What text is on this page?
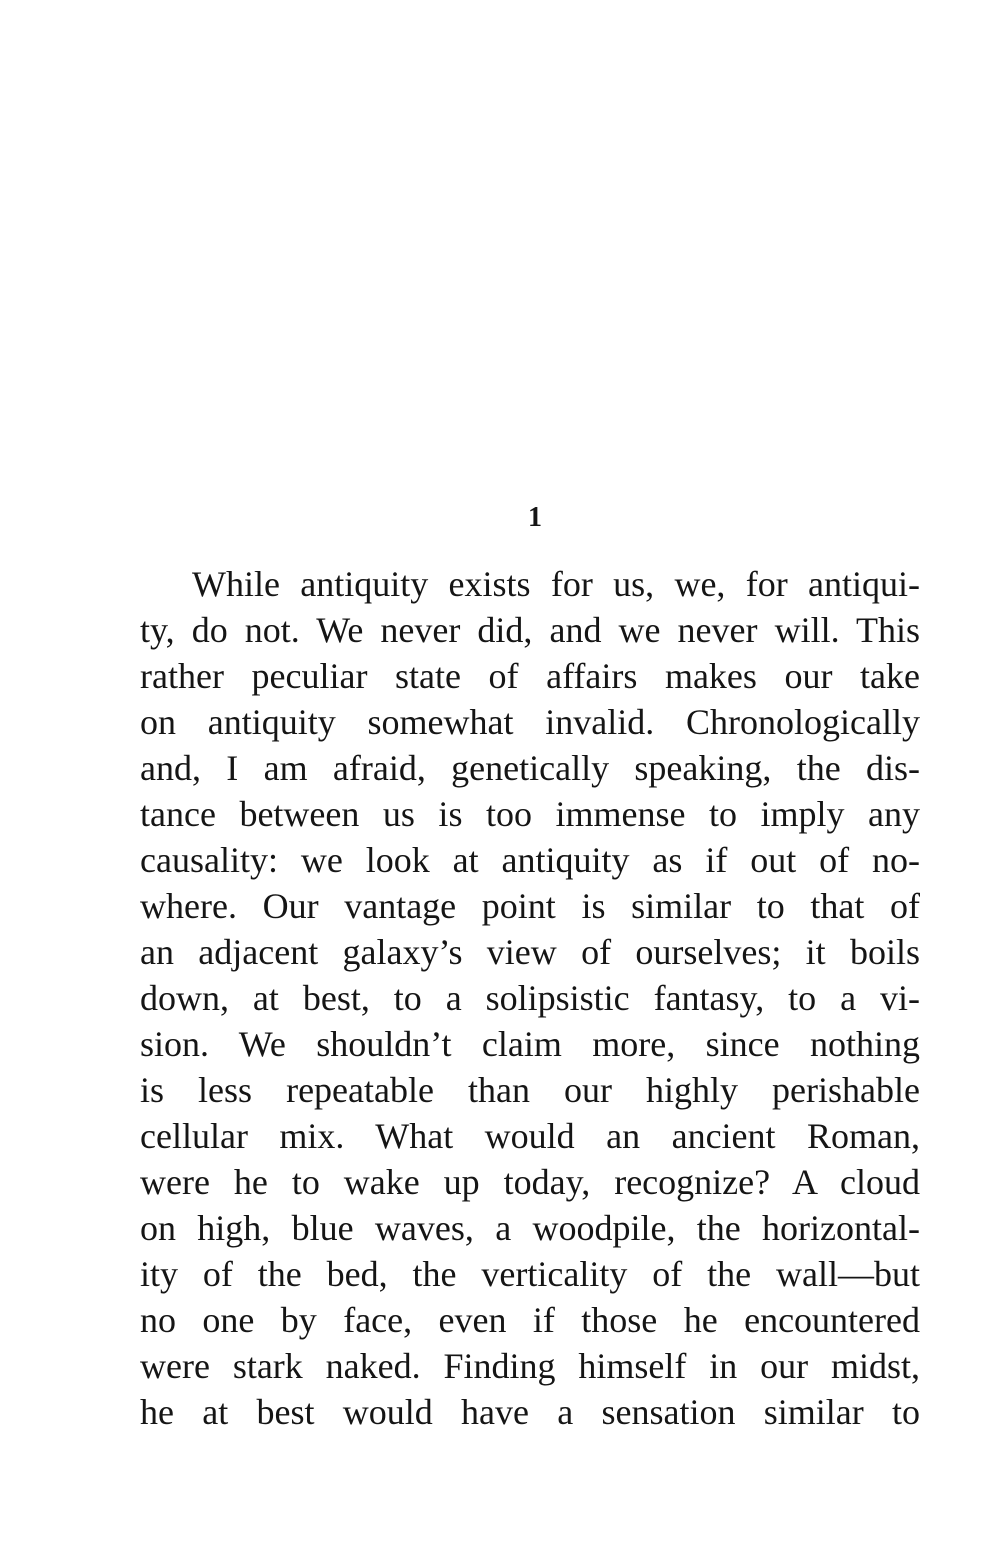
1
While antiquity exists for us, we, for antiqui-
ty, do not. We never did, and we never will. This
rather peculiar state of affairs makes our take
on antiquity somewhat invalid. Chronologically
and, I am afraid, genetically speaking, the dis-
tance between us is too immense to imply any
causality: we look at antiquity as if out of no-
where. Our vantage point is similar to that of
an adjacent galaxy’s view of ourselves; it boils
down, at best, to a solipsistic fantasy, to a vi-
sion. We shouldn’t claim more, since nothing
is less repeatable than our highly perishable
cellular mix. What would an ancient Roman,
were he to wake up today, recognize? A cloud
on high, blue waves, a woodpile, the horizontal-
ity of the bed, the verticality of the wall—but
no one by face, even if those he encountered
were stark naked. Finding himself in our midst,
he at best would have a sensation similar to
